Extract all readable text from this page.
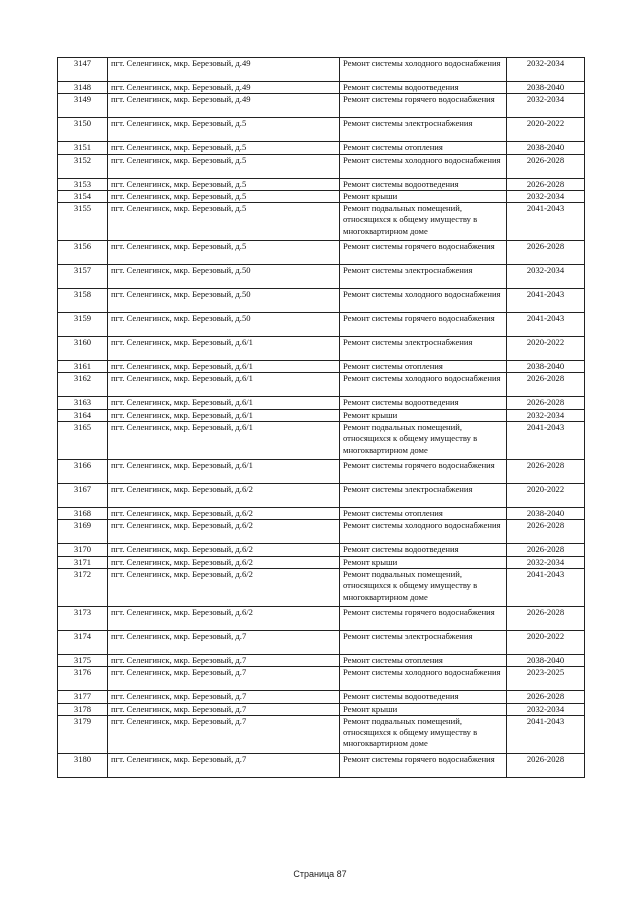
3147	пгт. Селенгинск, мкр. Березовый, д.49	Ремонт системы холодного водоснабжения	2032-2034
3148	пгт. Селенгинск, мкр. Березовый, д.49	Ремонт системы водоотведения	2038-2040
3149	пгт. Селенгинск, мкр. Березовый, д.49	Ремонт системы горячего водоснабжения	2032-2034
3150	пгт. Селенгинск, мкр. Березовый, д.5	Ремонт системы электроснабжения	2020-2022
3151	пгт. Селенгинск, мкр. Березовый, д.5	Ремонт системы отопления	2038-2040
3152	пгт. Селенгинск, мкр. Березовый, д.5	Ремонт системы холодного водоснабжения	2026-2028
3153	пгт. Селенгинск, мкр. Березовый, д.5	Ремонт системы водоотведения	2026-2028
3154	пгт. Селенгинск, мкр. Березовый, д.5	Ремонт крыши	2032-2034
3155	пгт. Селенгинск, мкр. Березовый, д.5	Ремонт подвальных помещений, относящихся к общему имуществу в многоквартирном доме	2041-2043
3156	пгт. Селенгинск, мкр. Березовый, д.5	Ремонт системы горячего водоснабжения	2026-2028
3157	пгт. Селенгинск, мкр. Березовый, д.50	Ремонт системы электроснабжения	2032-2034
3158	пгт. Селенгинск, мкр. Березовый, д.50	Ремонт системы холодного водоснабжения	2041-2043
3159	пгт. Селенгинск, мкр. Березовый, д.50	Ремонт системы горячего водоснабжения	2041-2043
3160	пгт. Селенгинск, мкр. Березовый, д.6/1	Ремонт системы электроснабжения	2020-2022
3161	пгт. Селенгинск, мкр. Березовый, д.6/1	Ремонт системы отопления	2038-2040
3162	пгт. Селенгинск, мкр. Березовый, д.6/1	Ремонт системы холодного водоснабжения	2026-2028
3163	пгт. Селенгинск, мкр. Березовый, д.6/1	Ремонт системы водоотведения	2026-2028
3164	пгт. Селенгинск, мкр. Березовый, д.6/1	Ремонт крыши	2032-2034
3165	пгт. Селенгинск, мкр. Березовый, д.6/1	Ремонт подвальных помещений, относящихся к общему имуществу в многоквартирном доме	2041-2043
3166	пгт. Селенгинск, мкр. Березовый, д.6/1	Ремонт системы горячего водоснабжения	2026-2028
3167	пгт. Селенгинск, мкр. Березовый, д.6/2	Ремонт системы электроснабжения	2020-2022
3168	пгт. Селенгинск, мкр. Березовый, д.6/2	Ремонт системы отопления	2038-2040
3169	пгт. Селенгинск, мкр. Березовый, д.6/2	Ремонт системы холодного водоснабжения	2026-2028
3170	пгт. Селенгинск, мкр. Березовый, д.6/2	Ремонт системы водоотведения	2026-2028
3171	пгт. Селенгинск, мкр. Березовый, д.6/2	Ремонт крыши	2032-2034
3172	пгт. Селенгинск, мкр. Березовый, д.6/2	Ремонт подвальных помещений, относящихся к общему имуществу в многоквартирном доме	2041-2043
3173	пгт. Селенгинск, мкр. Березовый, д.6/2	Ремонт системы горячего водоснабжения	2026-2028
3174	пгт. Селенгинск, мкр. Березовый, д.7	Ремонт системы электроснабжения	2020-2022
3175	пгт. Селенгинск, мкр. Березовый, д.7	Ремонт системы отопления	2038-2040
3176	пгт. Селенгинск, мкр. Березовый, д.7	Ремонт системы холодного водоснабжения	2023-2025
3177	пгт. Селенгинск, мкр. Березовый, д.7	Ремонт системы водоотведения	2026-2028
3178	пгт. Селенгинск, мкр. Березовый, д.7	Ремонт крыши	2032-2034
3179	пгт. Селенгинск, мкр. Березовый, д.7	Ремонт подвальных помещений, относящихся к общему имуществу в многоквартирном доме	2041-2043
3180	пгт. Селенгинск, мкр. Березовый, д.7	Ремонт системы горячего водоснабжения	2026-2028
Страница 87
